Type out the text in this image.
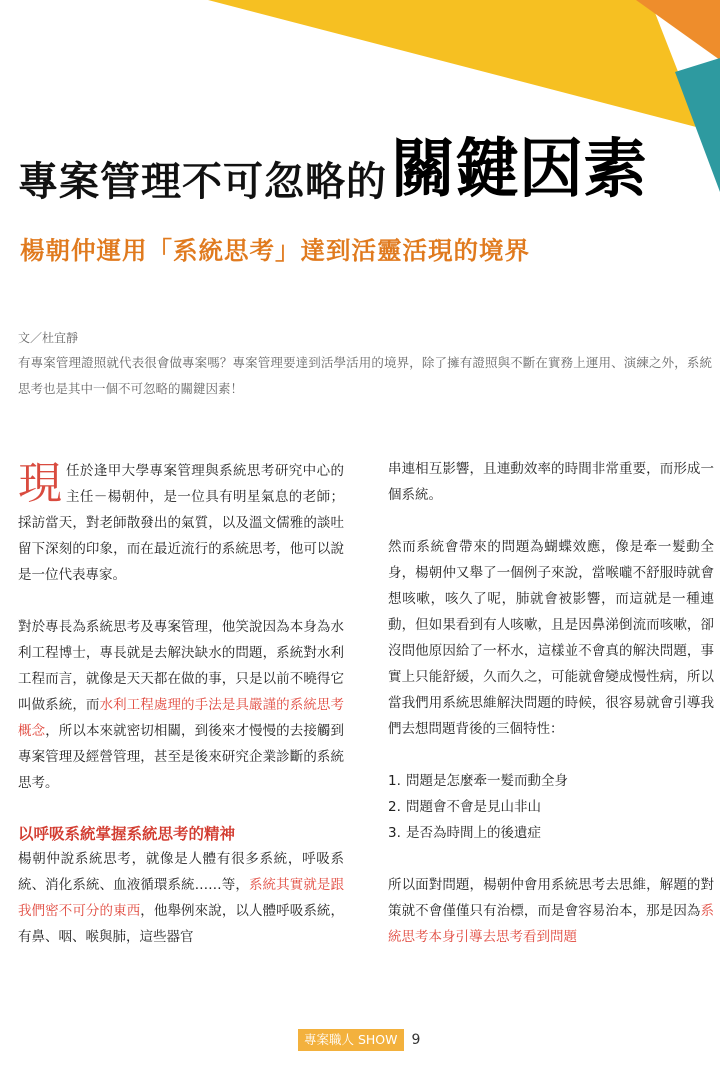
專案管理不可忽略的 關鍵因素
楊朝仲運用「系統思考」達到活靈活現的境界
文／杜宜靜
有專案管理證照就代表很會做專案嗎？專案管理要達到活學活用的境界，除了擁有證照與不斷在實務上運用、演練之外，系統思考也是其中一個不可忽略的關鍵因素！

現任於逢甲大學專案管理與系統思考研究中心的主任－楊朝仲，是一位具有明星氣息的老師；採訪當天，對老師散發出的氣質，以及溫文儒雅的談吐留下深刻的印象，而在最近流行的系統思考，他可以說是一位代表專家。

對於專長為系統思考及專案管理，他笑說因為本身為水利工程博士，專長就是去解決缺水的問題，系統對水利工程而言，就像是天天都在做的事，只是以前不曉得它叫做系統，而水利工程處理的手法是具嚴謹的系統思考概念，所以本來就密切相關，到後來才慢慢的去接觸到專案管理及經營管理，甚至是後來研究企業診斷的系統思考。

以呼吸系統掌握系統思考的精神

楊朝仲說系統思考，就像是人體有很多系統，呼吸系統、消化系統、血液循環系統……等，系統其實就是跟我們密不可分的東西，他舉例來說，以人體呼吸系統，有鼻、咽、喉與肺，這些器官

串連相互影響，且連動效率的時間非常重要，而形成一個系統。

然而系統會帶來的問題為蝴蝶效應，像是牽一髮動全身，楊朝仲又舉了一個例子來說，當喉嚨不舒服時就會想咳嗽，咳久了呢，肺就會被影響，而這就是一種連動，但如果看到有人咳嗽，且是因鼻涕倒流而咳嗽，卻沒問他原因給了一杯水，這樣並不會真的解決問題，事實上只能舒緩，久而久之，可能就會變成慢性病，所以當我們用系統思維解決問題的時候，很容易就會引導我們去想問題背後的三個特性：

1. 問題是怎麼牽一髮而動全身
2. 問題會不會是見山非山
3. 是否為時間上的後遺症

所以面對問題，楊朝仲會用系統思考去思維，解題的對策就不會僅僅只有治標，而是會容易治本，那是因為系統思考本身引導去思考看到問題

專案職人 SHOW	9
